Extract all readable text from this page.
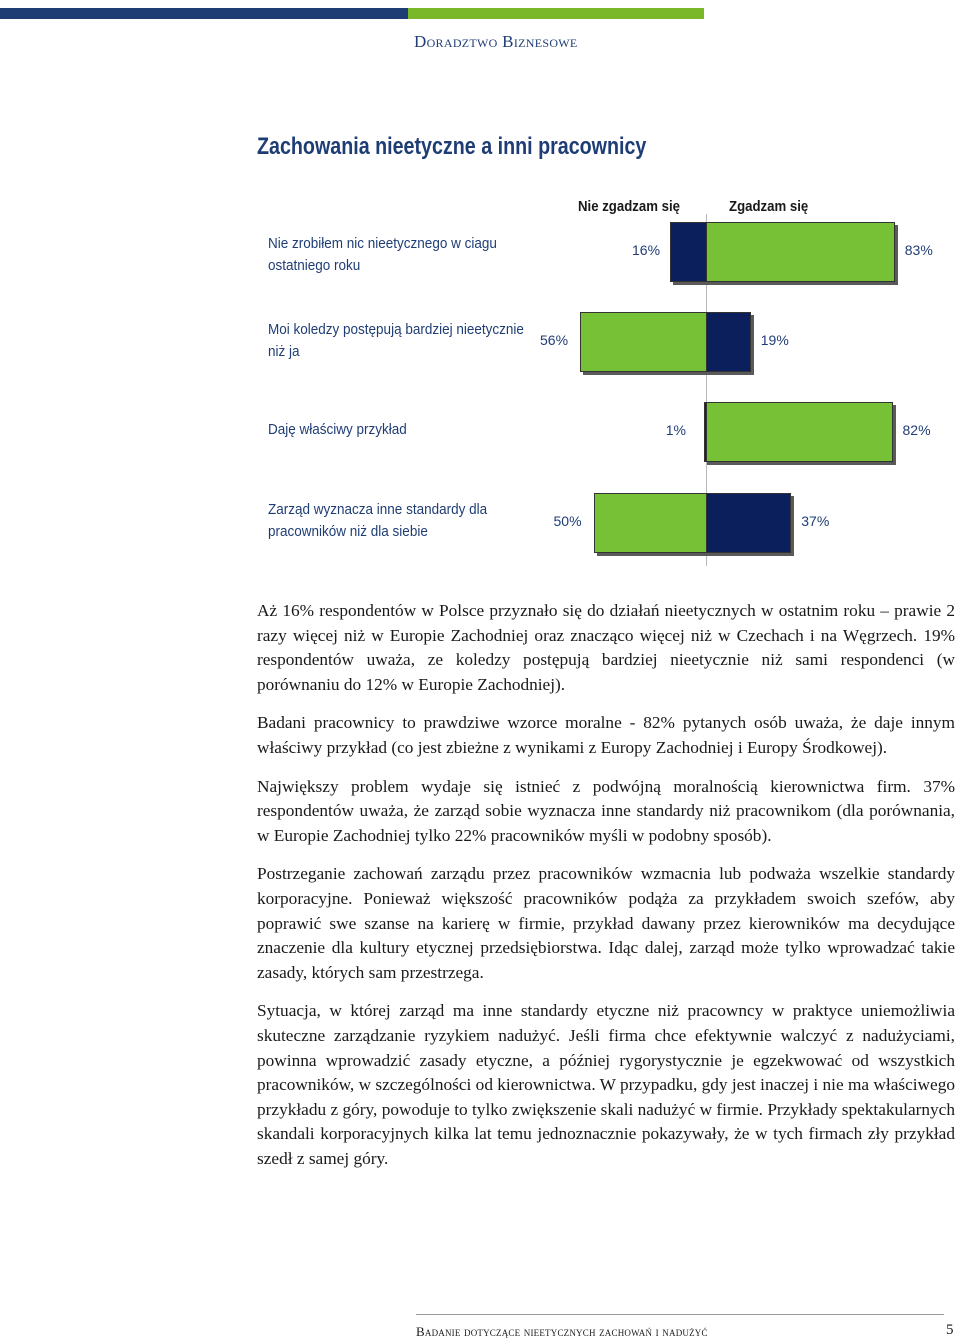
Doradztwo Biznesowe
Zachowania nieetyczne a inni pracownicy
Nie zgadzam się	Zgadzam się
Nie zrobiłem nic nieetycznego w ciagu ostatniego roku
16%	83%
Moi koledzy postępują bardziej nieetycznie niż ja
56%	19%
Daję właściwy przykład	1%	82%
Zarząd wyznacza inne standardy dla pracowników niż dla siebie
50%	37%

Aż 16% respondentów w Polsce przyznało się do działań nieetycznych w ostatnim roku – prawie 2 razy więcej niż w Europie Zachodniej oraz znacząco więcej niż w Czechach i na Węgrzech. 19% respondentów uważa, ze koledzy postępują bardziej nieetycznie niż sami respondenci (w porównaniu do 12% w Europie Zachodniej).

Badani pracownicy to prawdziwe wzorce moralne - 82% pytanych osób uważa, że daje innym właściwy przykład (co jest zbieżne z wynikami z Europy Zachodniej i Europy Środkowej).

Największy problem wydaje się istnieć z podwójną moralnością kierownictwa firm. 37% respondentów uważa, że zarząd sobie wyznacza inne standardy niż pracownikom (dla porównania, w Europie Zachodniej tylko 22% pracowników myśli w podobny sposób).

Postrzeganie zachowań zarządu przez pracowników wzmacnia lub podważa wszelkie standardy korporacyjne. Ponieważ większość pracowników podąża za przykładem swoich szefów, aby poprawić swe szanse na karierę w firmie, przykład dawany przez kierowników ma decydujące znaczenie dla kultury etycznej przedsiębiorstwa. Idąc dalej, zarząd może tylko wprowadzać takie zasady, których sam przestrzega.

Sytuacja, w której zarząd ma inne standardy etyczne niż pracowncy w praktyce uniemożliwia skuteczne zarządzanie ryzykiem nadużyć. Jeśli firma chce efektywnie walczyć z nadużyciami, powinna wprowadzić zasady etyczne, a później rygorystycznie je egzekwować od wszystkich pracowników, w szczególności od kierownictwa. W przypadku, gdy jest inaczej i nie ma właściwego przykładu z góry, powoduje to tylko zwiększenie skali nadużyć w firmie. Przykłady spektakularnych skandali korporacyjnych kilka lat temu jednoznacznie pokazywały, że w tych firmach zły przykład szedł z samej góry.

Badanie dotyczące nieetycznych zachowań i nadużyć	5
